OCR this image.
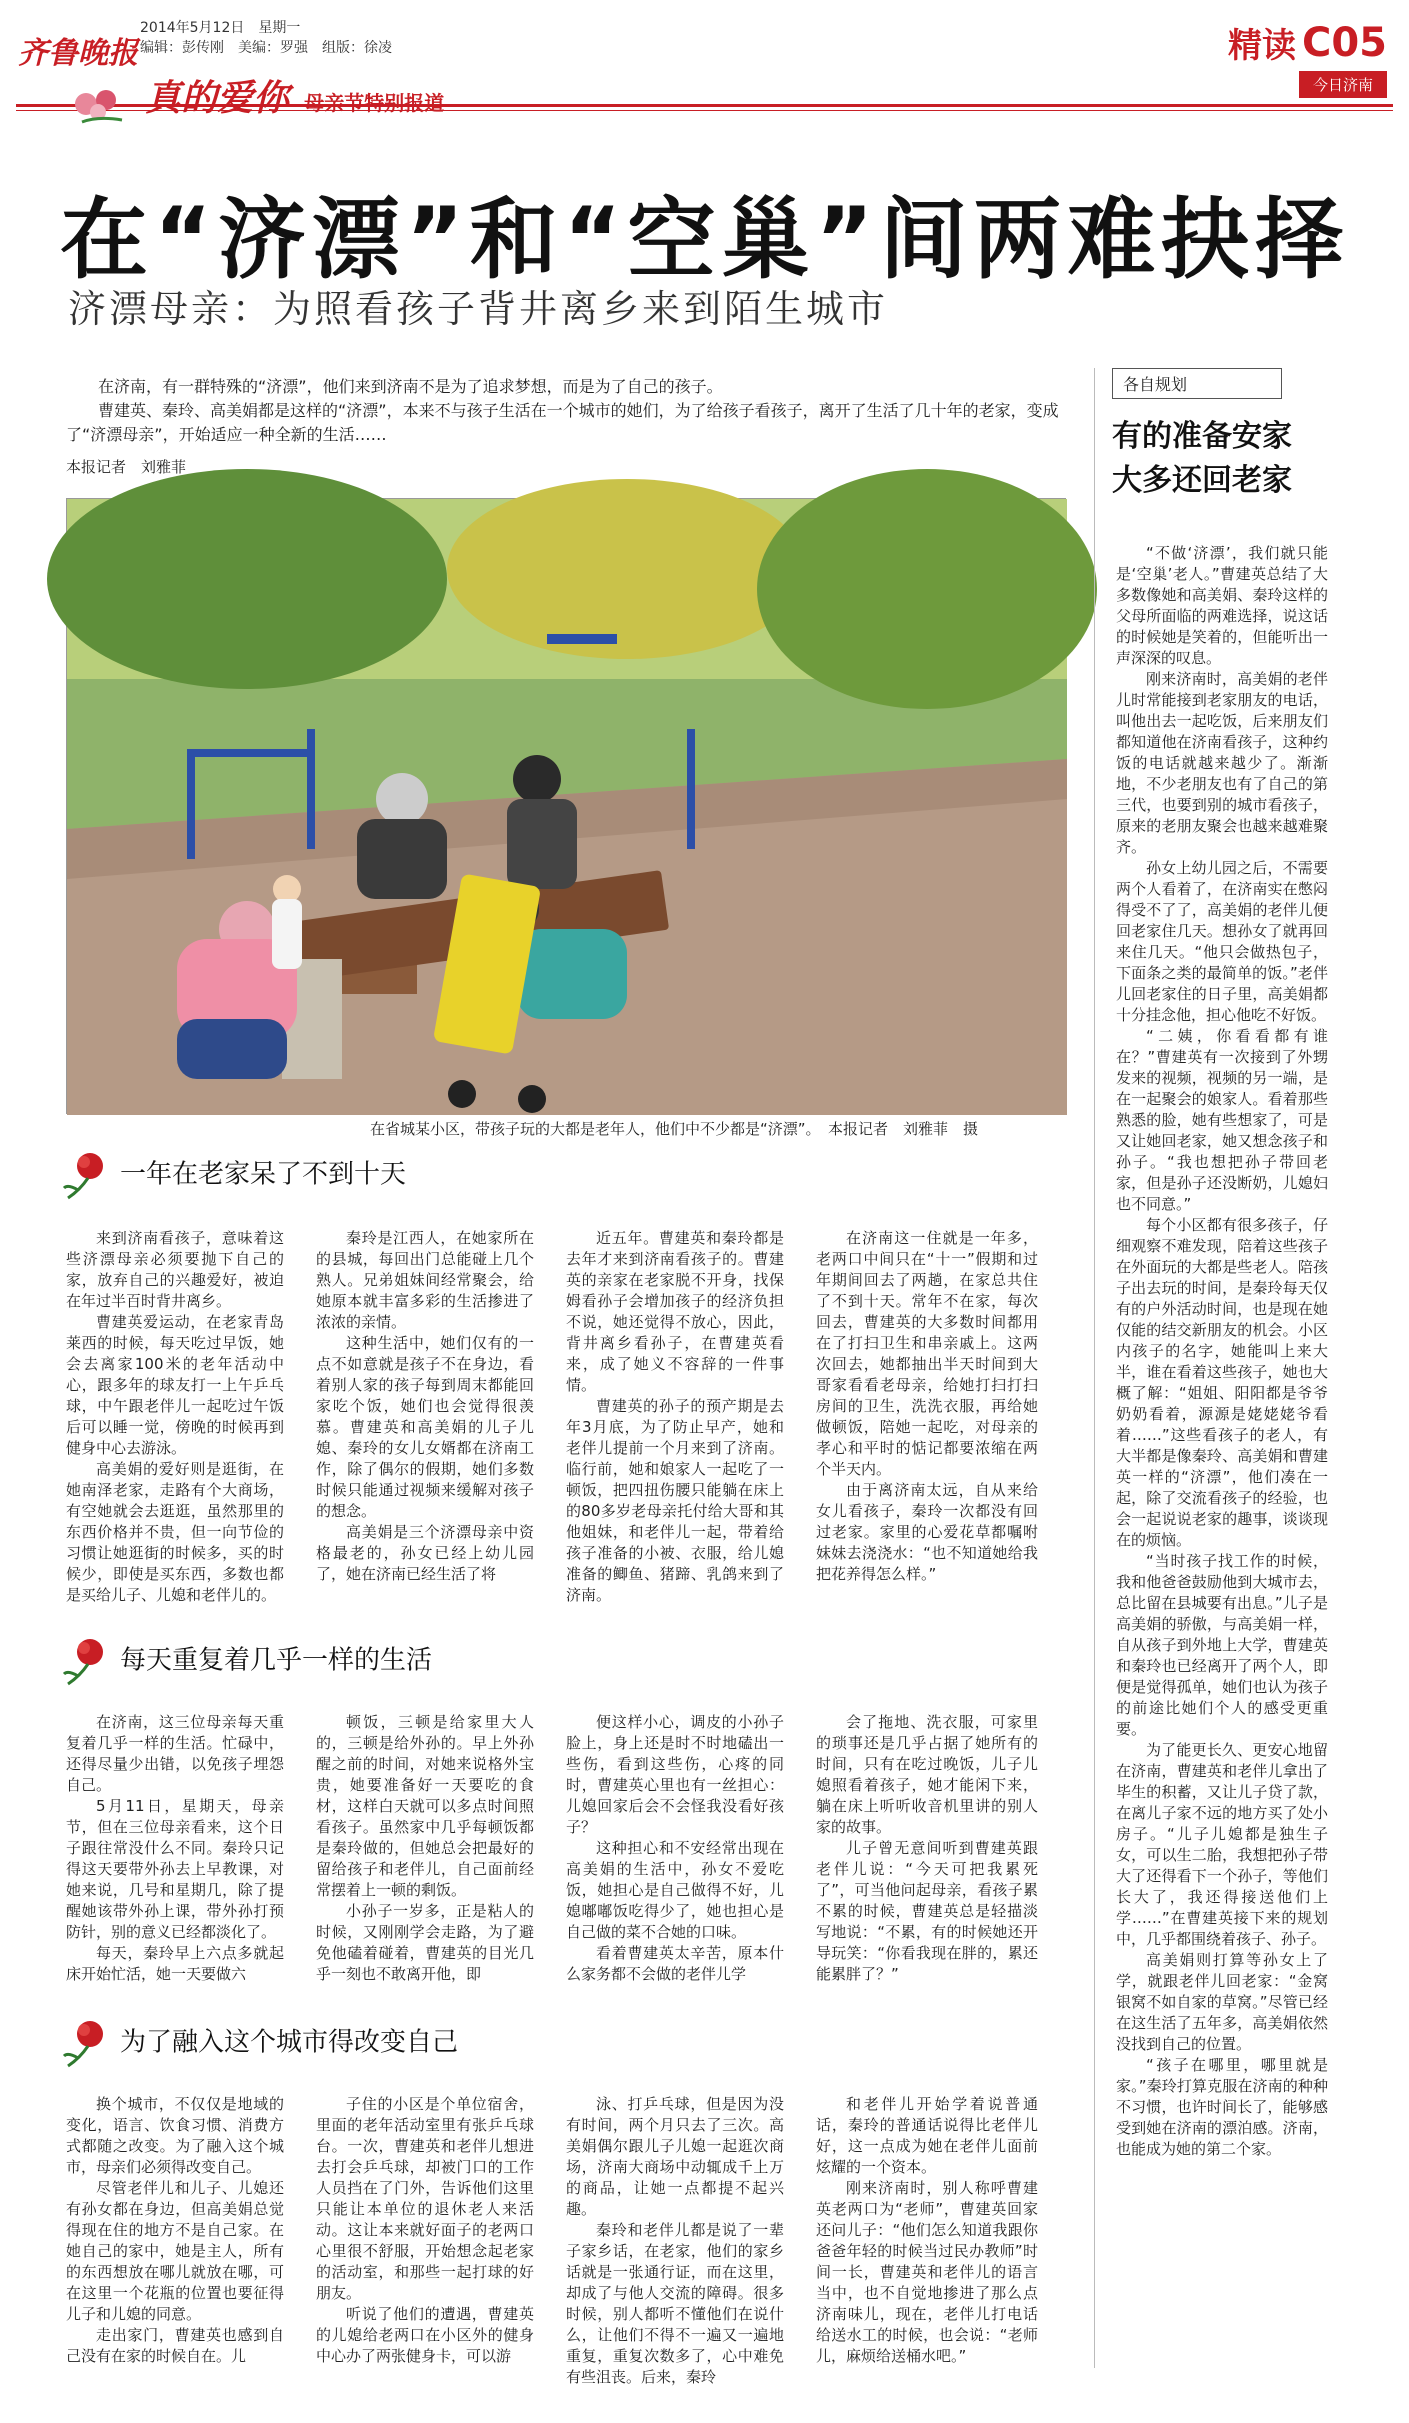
齐鲁晚报
2014年5月12日　 星期一
编辑：彭传刚　美编：罗强　组版：徐凌	精读 C05
今日济南
真的爱你 母亲节特别报道
在“济漂”和“空巢”间两难抉择
济漂母亲：为照看孩子背井离乡来到陌生城市

在济南，有一群特殊的“济漂”，他们来到济南不是为了追求梦想，而是为了自己的孩子。

曹建英、秦玲、高美娟都是这样的“济漂”，本来不与孩子生活在一个城市的她们，为了给孩子看孩子，离开了生活了几十年的老家，变成了“济漂母亲”，开始适应一种全新的生活……

本报记者　刘雅菲
在省城某小区，带孩子玩的大都是老年人，他们中不少都是“济漂”。　本报记者　刘雅菲　摄
一年在老家呆了不到十天

来到济南看孩子，意味着这些济漂母亲必须要抛下自己的家，放弃自己的兴趣爱好，被迫在年过半百时背井离乡。

曹建英爱运动，在老家青岛莱西的时候，每天吃过早饭，她会去离家100米的老年活动中心，跟多年的球友打一上午乒乓球，中午跟老伴儿一起吃过午饭后可以睡一觉，傍晚的时候再到健身中心去游泳。

高美娟的爱好则是逛街，在她南泽老家，走路有个大商场，有空她就会去逛逛，虽然那里的东西价格并不贵，但一向节俭的习惯让她逛街的时候多，买的时候少，即使是买东西，多数也都是买给儿子、儿媳和老伴儿的。

秦玲是江西人，在她家所在的县城，每回出门总能碰上几个熟人。兄弟姐妹间经常聚会，给她原本就丰富多彩的生活掺进了浓浓的亲情。

这种生活中，她们仅有的一点不如意就是孩子不在身边，看着别人家的孩子每到周末都能回家吃个饭，她们也会觉得很羡慕。曹建英和高美娟的儿子儿媳、秦玲的女儿女婿都在济南工作，除了偶尔的假期，她们多数时候只能通过视频来缓解对孩子的想念。

高美娟是三个济漂母亲中资格最老的，孙女已经上幼儿园了，她在济南已经生活了将

近五年。曹建英和秦玲都是去年才来到济南看孩子的。曹建英的亲家在老家脱不开身，找保姆看孙子会增加孩子的经济负担不说，她还觉得不放心，因此，背井离乡看孙子，在曹建英看来，成了她义不容辞的一件事情。

曹建英的孙子的预产期是去年3月底，为了防止早产，她和老伴儿提前一个月来到了济南。临行前，她和娘家人一起吃了一顿饭，把四扭伤腰只能躺在床上的80多岁老母亲托付给大哥和其他姐妹，和老伴儿一起，带着给孩子准备的小被、衣服，给儿媳准备的鲫鱼、猪蹄、乳鸽来到了济南。

在济南这一住就是一年多，老两口中间只在“十一”假期和过年期间回去了两趟，在家总共住了不到十天。常年不在家，每次回去，曹建英的大多数时间都用在了打扫卫生和串亲戚上。这两次回去，她都抽出半天时间到大哥家看看老母亲，给她打扫打扫房间的卫生，洗洗衣服，再给她做顿饭，陪她一起吃，对母亲的孝心和平时的惦记都要浓缩在两个半天内。

由于离济南太远，自从来给女儿看孩子，秦玲一次都没有回过老家。家里的心爱花草都嘱咐妹妹去浇浇水：“也不知道她给我把花养得怎么样。”

每天重复着几乎一样的生活

在济南，这三位母亲每天重复着几乎一样的生活。忙碌中，还得尽量少出错，以免孩子埋怨自己。

5月11日，星期天，母亲节，但在三位母亲看来，这个日子跟往常没什么不同。秦玲只记得这天要带外孙去上早教课，对她来说，几号和星期几，除了提醒她该带外孙上课，带外孙打预防针，别的意义已经都淡化了。

每天，秦玲早上六点多就起床开始忙活，她一天要做六

顿饭，三顿是给家里大人的，三顿是给外孙的。早上外孙醒之前的时间，对她来说格外宝贵，她要准备好一天要吃的食材，这样白天就可以多点时间照看孩子。虽然家中几乎每顿饭都是秦玲做的，但她总会把最好的留给孩子和老伴儿，自己面前经常摆着上一顿的剩饭。

小孙子一岁多，正是粘人的时候，又刚刚学会走路，为了避免他磕着碰着，曹建英的目光几乎一刻也不敢离开他，即

便这样小心，调皮的小孙子脸上，身上还是时不时地磕出一些伤，看到这些伤，心疼的同时，曹建英心里也有一丝担心：儿媳回家后会不会怪我没看好孩子？

这种担心和不安经常出现在高美娟的生活中，孙女不爱吃饭，她担心是自己做得不好，儿媳嘟嘟饭吃得少了，她也担心是自己做的菜不合她的口味。

看着曹建英太辛苦，原本什么家务都不会做的老伴儿学

会了拖地、洗衣服，可家里的琐事还是几乎占据了她所有的时间，只有在吃过晚饭，儿子儿媳照看着孩子，她才能闲下来，躺在床上听听收音机里讲的别人家的故事。

儿子曾无意间听到曹建英跟老伴儿说：“今天可把我累死了”，可当他问起母亲，看孩子累不累的时候，曹建英总是轻描淡写地说：“不累，有的时候她还开导玩笑：“你看我现在胖的，累还能累胖了？”

为了融入这个城市得改变自己

换个城市，不仅仅是地域的变化，语言、饮食习惯、消费方式都随之改变。为了融入这个城市，母亲们必须得改变自己。

尽管老伴儿和儿子、儿媳还有孙女都在身边，但高美娟总觉得现在住的地方不是自己家。在她自己的家中，她是主人，所有的东西想放在哪儿就放在哪，可在这里一个花瓶的位置也要征得儿子和儿媳的同意。

走出家门，曹建英也感到自己没有在家的时候自在。儿

子住的小区是个单位宿舍，里面的老年活动室里有张乒乓球台。一次，曹建英和老伴儿想进去打会乒乓球，却被门口的工作人员挡在了门外，告诉他们这里只能让本单位的退休老人来活动。这让本来就好面子的老两口心里很不舒服，开始想念起老家的活动室，和那些一起打球的好朋友。

听说了他们的遭遇，曹建英的儿媳给老两口在小区外的健身中心办了两张健身卡，可以游

泳、打乒乓球，但是因为没有时间，两个月只去了三次。高美娟偶尔跟儿子儿媳一起逛次商场，济南大商场中动辄成千上万的商品，让她一点都提不起兴趣。

秦玲和老伴儿都是说了一辈子家乡话，在老家，他们的家乡话就是一张通行证，而在这里，却成了与他人交流的障碍。很多时候，别人都听不懂他们在说什么，让他们不得不一遍又一遍地重复，重复次数多了，心中难免有些沮丧。后来，秦玲

和老伴儿开始学着说普通话，秦玲的普通话说得比老伴儿好，这一点成为她在老伴儿面前炫耀的一个资本。

刚来济南时，别人称呼曹建英老两口为“老师”，曹建英回家还问儿子：“他们怎么知道我跟你爸爸年轻的时候当过民办教师”时间一长，曹建英和老伴儿的语言当中，也不自觉地掺进了那么点济南味儿，现在，老伴儿打电话给送水工的时候，也会说：“老师儿，麻烦给送桶水吧。”

各自规划
有的准备安家
大多还回老家

“不做‘济漂’，我们就只能是‘空巢’老人。”曹建英总结了大多数像她和高美娟、秦玲这样的父母所面临的两难选择，说这话的时候她是笑着的，但能听出一声深深的叹息。

刚来济南时，高美娟的老伴儿时常能接到老家朋友的电话，叫他出去一起吃饭，后来朋友们都知道他在济南看孩子，这种约饭的电话就越来越少了。渐渐地，不少老朋友也有了自己的第三代，也要到别的城市看孩子，原来的老朋友聚会也越来越难聚齐。

孙女上幼儿园之后，不需要两个人看着了，在济南实在憋闷得受不了了，高美娟的老伴儿便回老家住几天。想孙女了就再回来住几天。“他只会做热包子，下面条之类的最简单的饭。”老伴儿回老家住的日子里，高美娟都十分挂念他，担心他吃不好饭。

“二姨，你看看都有谁在？”曹建英有一次接到了外甥发来的视频，视频的另一端，是在一起聚会的娘家人。看着那些熟悉的脸，她有些想家了，可是又让她回老家，她又想念孩子和孙子。“我也想把孙子带回老家，但是孙子还没断奶，儿媳妇也不同意。”

每个小区都有很多孩子，仔细观察不难发现，陪着这些孩子在外面玩的大都是些老人。陪孩子出去玩的时间，是秦玲每天仅有的户外活动时间，也是现在她仅能的结交新朋友的机会。小区内孩子的名字，她能叫上来大半，谁在看着这些孩子，她也大概了解：“姐姐、阳阳都是爷爷奶奶看着，源源是姥姥姥爷看着……”这些看孩子的老人，有大半都是像秦玲、高美娟和曹建英一样的“济漂”，他们凑在一起，除了交流看孩子的经验，也会一起说说老家的趣事，谈谈现在的烦恼。

“当时孩子找工作的时候，我和他爸爸鼓励他到大城市去，总比留在县城要有出息。”儿子是高美娟的骄傲，与高美娟一样，自从孩子到外地上大学，曹建英和秦玲也已经离开了两个人，即便是觉得孤单，她们也认为孩子的前途比她们个人的感受更重要。

为了能更长久、更安心地留在济南，曹建英和老伴儿拿出了毕生的积蓄，又让儿子贷了款，在离儿子家不远的地方买了处小房子。“儿子儿媳都是独生子女，可以生二胎，我想把孙子带大了还得看下一个孙子，等他们长大了，我还得接送他们上学……”在曹建英接下来的规划中，几乎都围绕着孩子、孙子。

高美娟则打算等孙女上了学，就跟老伴儿回老家：“金窝银窝不如自家的草窝。”尽管已经在这生活了五年多，高美娟依然没找到自己的位置。

“孩子在哪里，哪里就是家。”秦玲打算克服在济南的种种不习惯，也许时间长了，能够感受到她在济南的漂泊感。济南，也能成为她的第二个家。
